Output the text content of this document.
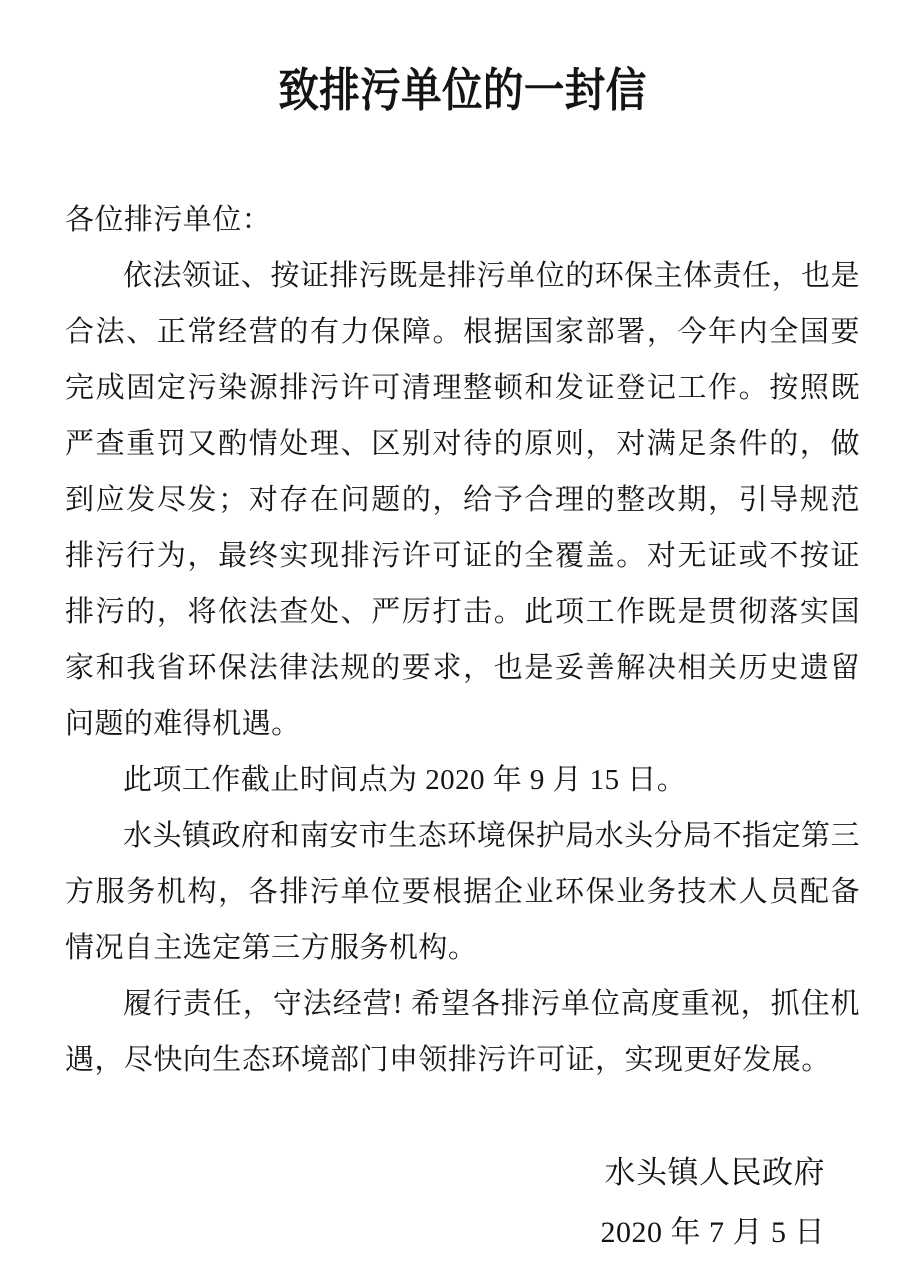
致排污单位的一封信
各位排污单位：

依法领证、按证排污既是排污单位的环保主体责任，也是合法、正常经营的有力保障。根据国家部署，今年内全国要完成固定污染源排污许可清理整顿和发证登记工作。按照既严查重罚又酌情处理、区别对待的原则，对满足条件的，做到应发尽发；对存在问题的，给予合理的整改期，引导规范排污行为，最终实现排污许可证的全覆盖。对无证或不按证排污的，将依法查处、严厉打击。此项工作既是贯彻落实国家和我省环保法律法规的要求，也是妥善解决相关历史遗留问题的难得机遇。

此项工作截止时间点为 2020 年 9 月 15 日。

水头镇政府和南安市生态环境保护局水头分局不指定第三方服务机构，各排污单位要根据企业环保业务技术人员配备情况自主选定第三方服务机构。

履行责任，守法经营! 希望各排污单位高度重视，抓住机遇，尽快向生态环境部门申领排污许可证，实现更好发展。

水头镇人民政府
2020 年 7 月 5 日
